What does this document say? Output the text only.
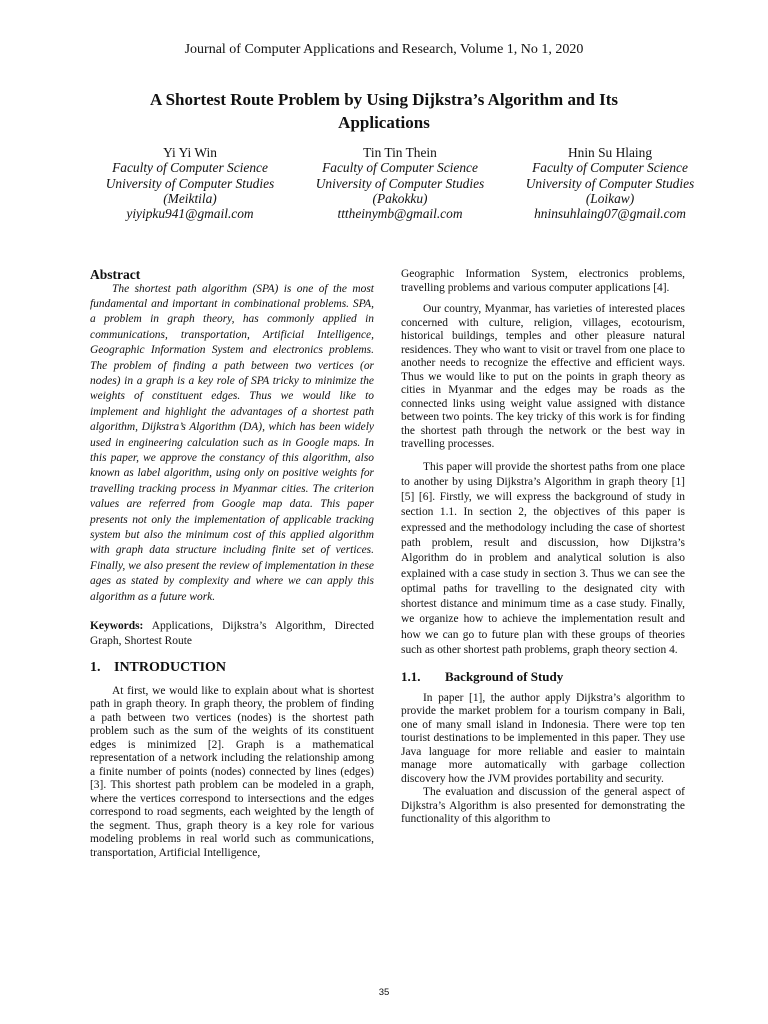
Journal of Computer Applications and Research, Volume 1, No 1, 2020
A Shortest Route Problem by Using Dijkstra’s Algorithm and Its Applications
Yi Yi Win
Faculty of Computer Science
University of Computer Studies (Meiktila)
yiyipku941@gmail.com
Tin Tin Thein
Faculty of Computer Science
University of Computer Studies (Pakokku)
tttheinymb@gmail.com
Hnin Su Hlaing
Faculty of Computer Science
University of Computer Studies (Loikaw)
hninsuhlaing07@gmail.com

Abstract

The shortest path algorithm (SPA) is one of the most fundamental and important in combinational problems. SPA, a problem in graph theory, has commonly applied in communications, transportation, Artificial Intelligence, Geographic Information System and electronics problems. The problem of finding a path between two vertices (or nodes) in a graph is a key role of SPA tricky to minimize the weights of constituent edges. Thus we would like to implement and highlight the advantages of a shortest path algorithm, Dijkstra’s Algorithm (DA), which has been widely used in engineering calculation such as in Google maps. In this paper, we approve the constancy of this algorithm, also known as label algorithm, using only on positive weights for travelling tracking process in Myanmar cities. The criterion values are referred from Google map data. This paper presents not only the implementation of applicable tracking system but also the minimum cost of this applied algorithm with graph data structure including finite set of vertices. Finally, we also present the review of implementation in these ages as stated by complexity and where we can apply this algorithm as a future work.

Keywords: Applications, Dijkstra’s Algorithm, Directed Graph, Shortest Route

1. INTRODUCTION

At first, we would like to explain about what is shortest path in graph theory. In graph theory, the problem of finding a path between two vertices (nodes) is the shortest path problem such as the sum of the weights of its constituent edges is minimized [2]. Graph is a mathematical representation of a network including the relationship among a finite number of points (nodes) connected by lines (edges) [3]. This shortest path problem can be modeled in a graph, where the vertices correspond to intersections and the edges correspond to road segments, each weighted by the length of the segment. Thus, graph theory is a key role for various modeling problems in real world such as communications, transportation, Artificial Intelligence,

Geographic Information System, electronics problems, travelling problems and various computer applications [4].

Our country, Myanmar, has varieties of interested places concerned with culture, religion, villages, ecotourism, historical buildings, temples and other pleasure natural residences. They who want to visit or travel from one place to another needs to recognize the effective and efficient ways. Thus we would like to put on the points in graph theory as cities in Myanmar and the edges may be roads as the connected links using weight value assigned with distance between two points. The key tricky of this work is for finding the shortest path through the network or the best way in travelling processes.

This paper will provide the shortest paths from one place to another by using Dijkstra’s Algorithm in graph theory [1] [5] [6]. Firstly, we will express the background of study in section 1.1. In section 2, the objectives of this paper is expressed and the methodology including the case of shortest path problem, result and discussion, how Dijkstra’s Algorithm do in problem and analytical solution is also explained with a case study in section 3. Thus we can see the optimal paths for travelling to the designated city with shortest distance and minimum time as a case study. Finally, we organize how to achieve the implementation result and how we can go to future plan with these groups of theories such as other shortest path problems, graph theory section 4.

1.1. Background of Study

In paper [1], the author apply Dijkstra’s algorithm to provide the market problem for a tourism company in Bali, one of many small island in Indonesia. There were top ten tourist destinations to be implemented in this paper. They use Java language for more reliable and easier to maintain manage more automatically with garbage collection discovery how the JVM provides portability and security.

The evaluation and discussion of the general aspect of Dijkstra’s Algorithm is also presented for demonstrating the functionality of this algorithm to

35
